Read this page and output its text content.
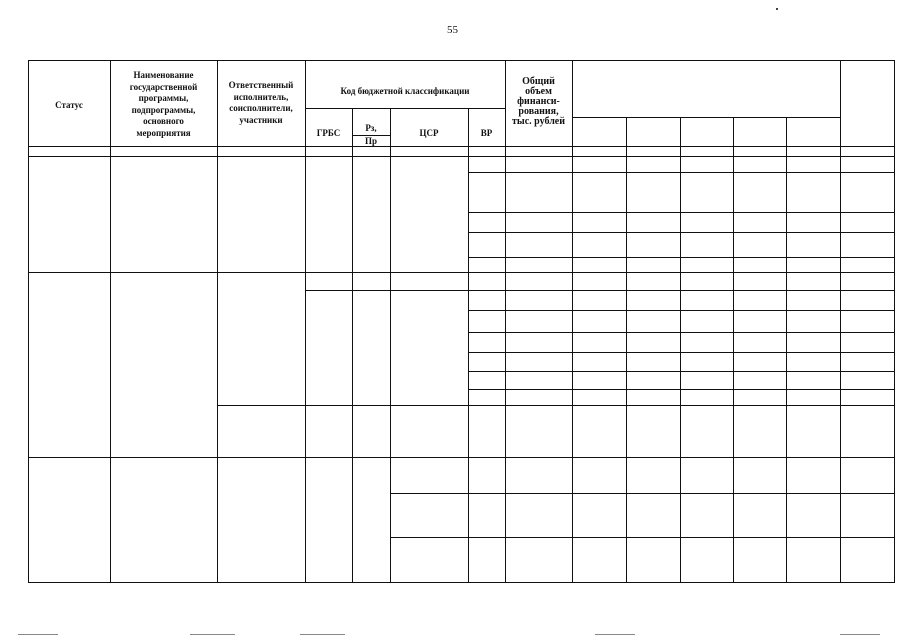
55
Статус
Наименование
государственной
программы,
подпрограммы,
основного
мероприятия
Ответственный
исполнитель,
соисполнители,
участники
Код бюджетной классификации
ГРБС	Рз,
Пр
ЦСР	ВР
Общий
объем
финанси-
рования,
тыс. рублей
